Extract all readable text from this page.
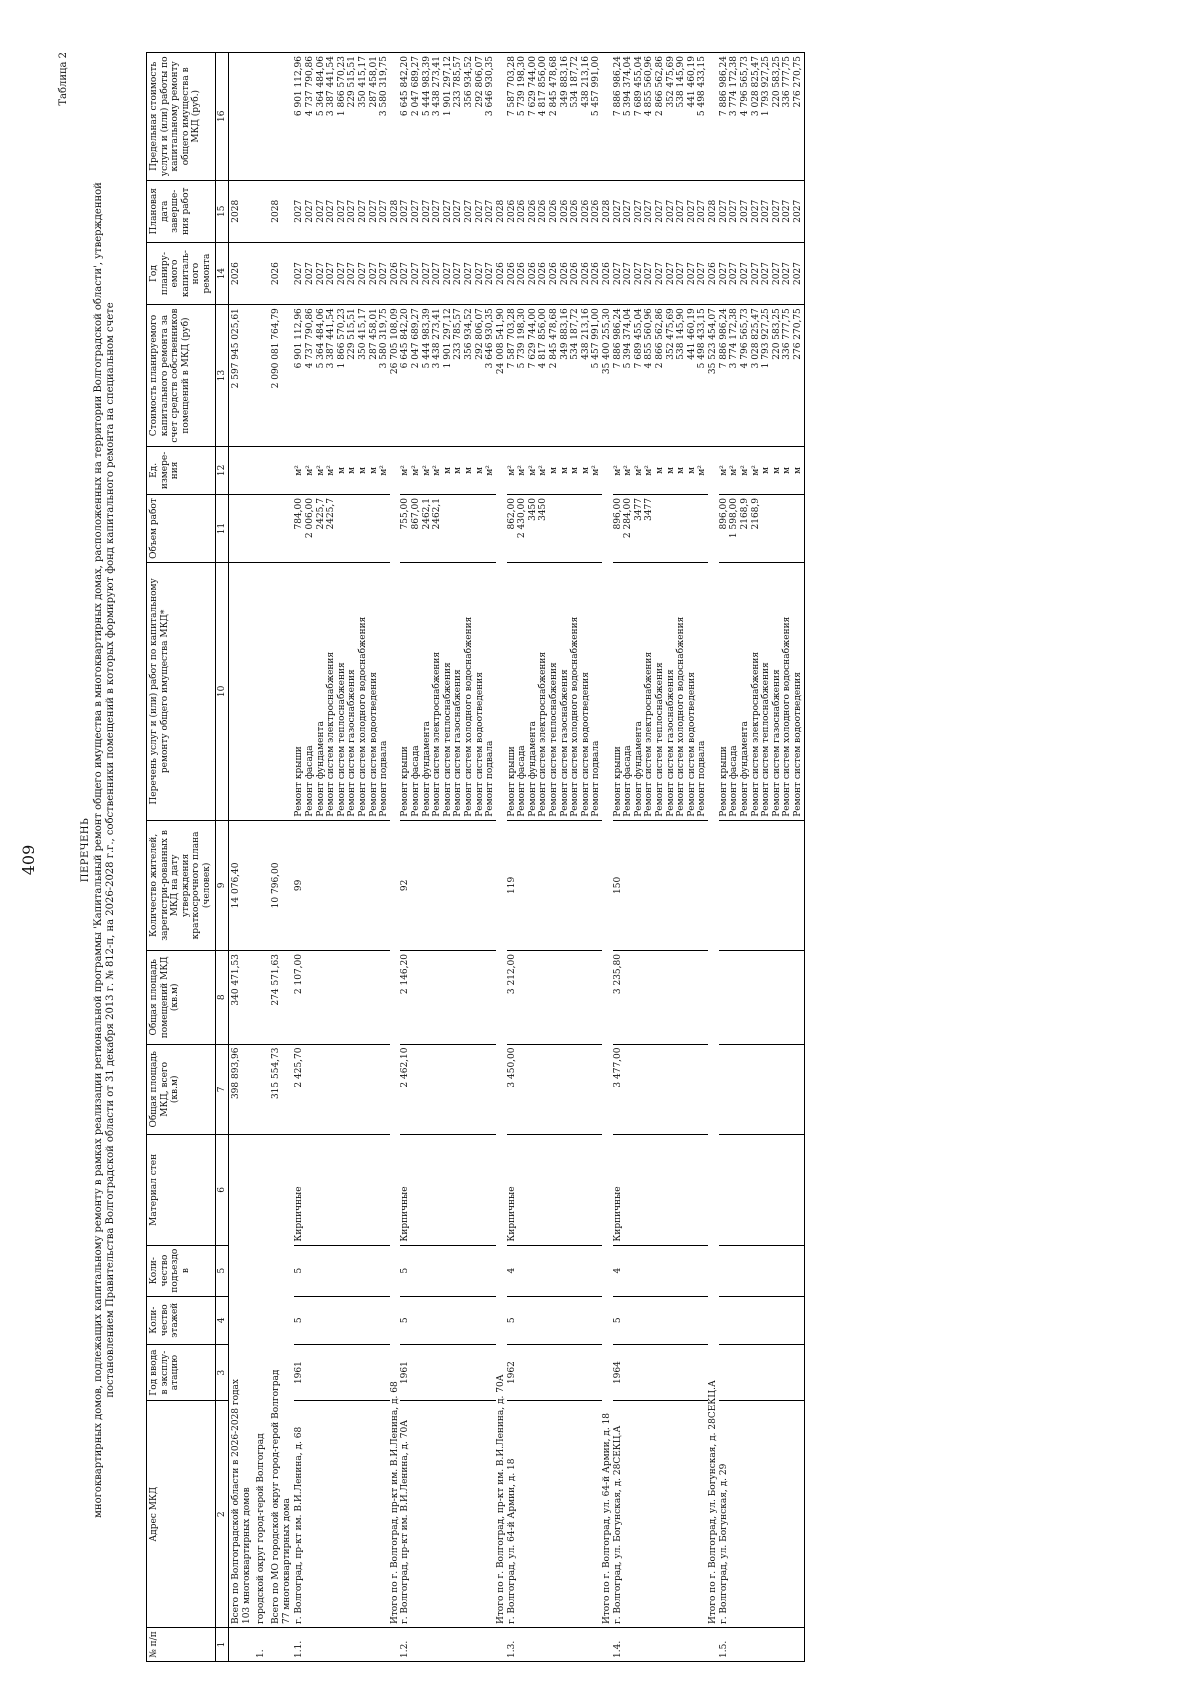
409
Таблица 2
ПЕРЕЧЕНЬ многоквартирных домов, подлежащих капитальному ремонту в рамках реализации региональной программы 'Капитальный ремонт общего имущества в многоквартирных домах, расположенных на территории Волгоградской области', утвержденной постановлением Правительства Волгоградской области от 31 декабря 2013 г. № 812-п, на 2026-2028 г.г., собственники помещений в которых формируют фонд капитального ремонта на специальном счете
№ п/п	Адрес МКД	Год ввода в эксплу-атацию	Коли-чество этажей	Коли-чество подъездо в	Материал стен	Общая площадь МКД, всего (кв.м)	Общая площадь помещений МКД (кв.м)	Количество жителей, зарегистри-рованных в МКД на дату утверждения краткосрочного плана (человек)	Перечень услуг и (или) работ по капитальному ремонту общего имущества МКД*	Объем работ	Ед. измере-ния	Стоимость планируемого капитального ремонта за счет средств собственников помещений в МКД (руб)	Год планиру-емого капиталь-ного ремонта	Плановая дата заверше-ния работ	Предельная стоимость услуги и (или) работы по капитальному ремонту общего имущества в МКД (руб.)
1	2	3	4	5	6	7	8	9	10	11	12	13	14	15	16

	Всего по Волгоградской области в 2026-2028 годах 103 многоквартирных домов					398 893,96	340 471,53	14 076,40				2 597 945 025,61	2026	2028	
1.	городской округ город-герой Волгоград														

	Всего по МО городской округ город-герой Волгоград 77 многоквартирных дома					315 554,73	274 571,63	10 796,00				2 090 081 764,79	2026	2028	
1.1.	г. Волгоград, пр-кт им. В.И.Ленина, д. 68	1961	5	5	Кирпичные	2 425,70	2 107,00	99	Ремонт крыши	784,00	м²	6 901 112,96	2027	2027	6 901 112,96
									Ремонт фасада	2 006,00	м²	4 737 790,86	2027	2027	4 737 790,86
									Ремонт фундамента	2425,7	м²	5 364 484,06	2027	2027	5 364 484,06
									Ремонт систем электроснабжения	2425,7	м²	3 387 441,54	2027	2027	3 387 441,54
									Ремонт систем теплоснабжения		м	1 866 570,23	2027	2027	1 866 570,23
									Ремонт систем газоснабжения		м	229 515,51	2027	2027	229 515,51
									Ремонт систем холодного водоснабжения		м	350 415,17	2027	2027	350 415,17
									Ремонт систем водоотведения		м	287 458,01	2027	2027	287 458,01
									Ремонт подвала		м²	3 580 319,75	2027	2027	3 580 319,75
	Итого по г. Волгоград, пр-кт им. В.И.Ленина, д. 68											26 705 108,09	2026	2028	
1.2.	г. Волгоград, пр-кт им. В.И.Ленина, д. 70А	1961	5	5	Кирпичные	2 462,10	2 146,20	92	Ремонт крыши	755,00	м²	6 645 842,20	2027	2027	6 645 842,20
									Ремонт фасада	867,00	м²	2 047 689,27	2027	2027	2 047 689,27
									Ремонт фундамента	2462,1	м²	5 444 983,39	2027	2027	5 444 983,39
									Ремонт систем электроснабжения	2462,1	м²	3 438 273,41	2027	2027	3 438 273,41
									Ремонт систем теплоснабжения		м	1 901 297,12	2027	2027	1 901 297,12
									Ремонт систем газоснабжения		м	233 785,57	2027	2027	233 785,57
									Ремонт систем холодного водоснабжения		м	356 934,52	2027	2027	356 934,52
									Ремонт систем водоотведения		м	292 806,07	2027	2027	292 806,07
									Ремонт подвала		м²	3 646 930,35	2027	2027	3 646 930,35
	Итого по г. Волгоград, пр-кт им. В.И.Ленина, д. 70А											24 008 541,90	2026	2028	
1.3.	г. Волгоград, ул. 64-й Армии, д. 18	1962	5	4	Кирпичные	3 450,00	3 212,00	119	Ремонт крыши	862,00	м²	7 587 703,28	2026	2026	7 587 703,28
									Ремонт фасада	2 430,00	м²	5 739 198,30	2026	2026	5 739 198,30
									Ремонт фундамента	3450	м²	7 629 744,00	2026	2026	7 629 744,00
									Ремонт систем электроснабжения	3450	м²	4 817 856,00	2026	2026	4 817 856,00
									Ремонт систем теплоснабжения		м	2 845 478,68	2026	2026	2 845 478,68
									Ремонт систем газоснабжения		м	349 883,16	2026	2026	349 883,16
									Ремонт систем холодного водоснабжения		м	534 187,72	2026	2026	534 187,72
									Ремонт систем водоотведения		м	438 213,16	2026	2026	438 213,16
									Ремонт подвала		м²	5 457 991,00	2026	2026	5 457 991,00
	Итого по г. Волгоград, ул. 64-й Армии, д. 18											35 400 255,30	2026	2028	
1.4.	г. Волгоград, ул. Богунская, д. 28СЕКЦ.А	1964	5	4	Кирпичные	3 477,00	3 235,80	150	Ремонт крыши	896,00	м²	7 886 986,24	2027	2027	7 886 986,24
									Ремонт фасада	2 284,00	м²	5 394 374,04	2027	2027	5 394 374,04
									Ремонт фундамента	3477	м²	7 689 455,04	2027	2027	7 689 455,04
									Ремонт систем электроснабжения	3477	м²	4 855 560,96	2027	2027	4 855 560,96
									Ремонт систем теплоснабжения		м	2 866 562,86	2027	2027	2 866 562,86
									Ремонт систем газоснабжения		м	352 475,69	2027	2027	352 475,69
									Ремонт систем холодного водоснабжения		м	538 145,90	2027	2027	538 145,90
									Ремонт систем водоотведения		м	441 460,19	2027	2027	441 460,19
									Ремонт подвала		м²	5 498 433,15	2027	2027	5 498 433,15
	Итого по г. Волгоград, ул. Богунская, д. 28СЕКЦ.А											35 523 454,07	2026	2028	
1.5.	г. Волгоград, ул. Богунская, д. 29								Ремонт крыши	896,00	м²	7 886 986,24	2027	2027	7 886 986,24
									Ремонт фасада	1 598,00	м²	3 774 172,38	2027	2027	3 774 172,38
									Ремонт фундамента	2168,9	м²	4 796 565,73	2027	2027	4 796 565,73
									Ремонт систем электроснабжения	2168,9	м²	3 028 825,47	2027	2027	3 028 825,47
									Ремонт систем теплоснабжения		м	1 793 927,25	2027	2027	1 793 927,25
									Ремонт систем газоснабжения		м	220 583,25	2027	2027	220 583,25
									Ремонт систем холодного водоснабжения		м	336 777,75	2027	2027	336 777,75
									Ремонт систем водоотведения		м	276 270,75	2027	2027	276 270,75
